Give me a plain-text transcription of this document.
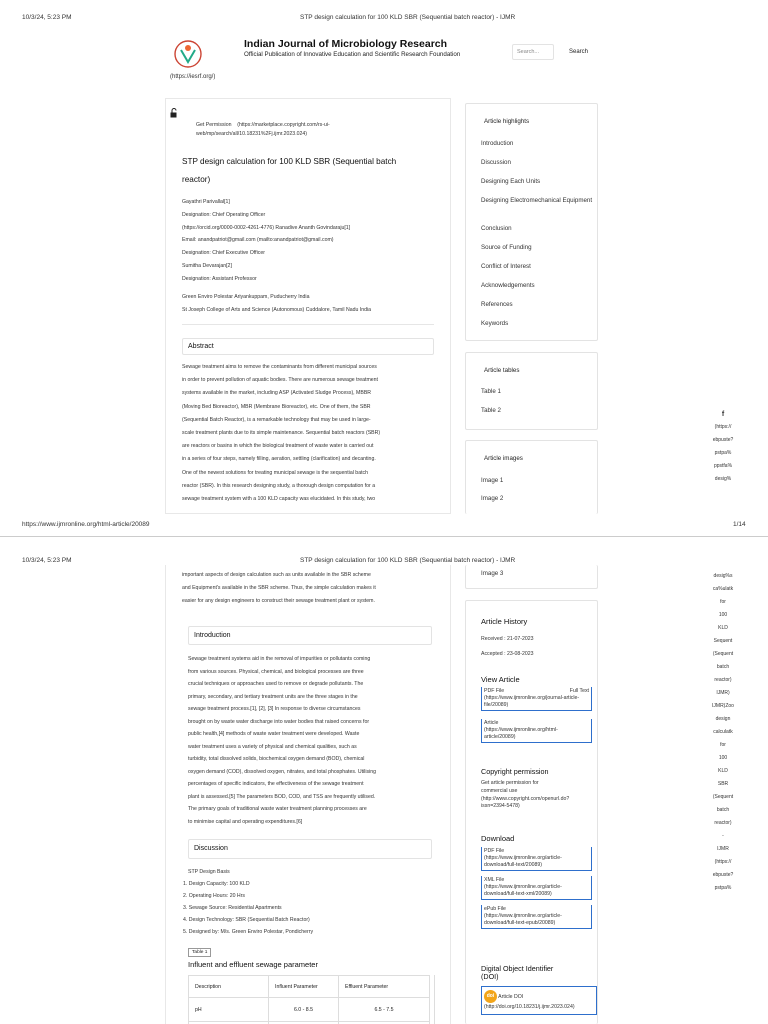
10/3/24, 5:23 PM	STP design calculation for 100 KLD SBR (Sequential batch reactor) - IJMR
(https://iesrf.org/)
Indian Journal of Microbiology Research
Official Publication of Innovative Education and Scientific Research Foundation	Search...	Search
Get Permission (https://marketplace.copyright.com/rs-ui-web/mp/search/all/10.18231%2Fj.ijmr.2023.024)
STP design calculation for 100 KLD SBR (Sequential batch
reactor)
Gayathri Parivallal[1]
Designation: Chief Operating Officer
(https://orcid.org/0000-0002-4261-4776) Ranadive Ananth Govindaraju[1]
Email: anandpatriot@gmail.com (mailto:anandpatriot@gmail.com)
Designation: Chief Executive Officer
Sumitha Devarajan[2]
Designation: Assistant Professor
Green Enviro Polestar Ariyankuppam, Puducherry India
St Joseph College of Arts and Science (Autonomous) Cuddalore, Tamil Nadu India
Abstract
Sewage treatment aims to remove the contaminants from different municipal sources
in order to prevent pollution of aquatic bodies. There are numerous sewage treatment
systems available in the market, including ASP (Activated Sludge Process), MBBR
(Moving Bed Bioreactor), MBR (Membrane Bioreactor), etc. One of them, the SBR
(Sequential Batch Reactor), is a remarkable technology that may be used in large-
scale treatment plants due to its simple maintenance. Sequential batch reactors (SBR)
are reactors or basins in which the biological treatment of waste water is carried out
in a series of four steps, namely filling, aeration, settling (clarification) and decanting.
One of the newest solutions for treating municipal sewage is the sequential batch
reactor (SBR). In this research designing study, a thorough design computation for a
sewage treatment system with a 100 KLD capacity was elucidated. In this study, two
Article highlights
Introduction
Discussion
Designing Each Units
Designing Electromechanical Equipment
Conclusion
Source of Funding
Conflict of Interest
Acknowledgements
References
Keywords
Article tables
Table 1
Table 2
Article images
Image 1
Image 2
f
(https://
ebpuste?
pstpa%
ppstfa%
desig%
https://www.ijmronline.org/html-article/20089	1/14
10/3/24, 5:23 PM	STP design calculation for 100 KLD SBR (Sequential batch reactor) - IJMR
important aspects of design calculation such as units available in the SBR scheme
and Equipment's available in the SBR scheme. Thus, the simple calculation makes it
easier for any design engineers to construct their sewage treatment plant or system.
Introduction
Sewage treatment systems aid in the removal of impurities or pollutants coming
from various sources. Physical, chemical, and biological processes are three
crucial techniques or approaches used to remove or degrade pollutants. The
primary, secondary, and tertiary treatment units are the three stages in the
sewage treatment process.[1], [2], [3] In response to diverse circumstances
brought on by waste water discharge into water bodies that raised concerns for
public health,[4] methods of waste water treatment were developed. Waste
water treatment uses a variety of physical and chemical qualities, such as
turbidity, total dissolved solids, biochemical oxygen demand (BOD), chemical
oxygen demand (COD), dissolved oxygen, nitrates, and total phosphates. Utilising
percentages of specific indicators, the effectiveness of the sewage treatment
plant is assessed.[5] The parameters BOD, COD, and TSS are frequently utilised.
The primary goals of traditional waste water treatment planning processes are
to minimise capital and operating expenditures.[6]
Discussion
STP Design Basis
1. Design Capacity: 100 KLD
2. Operating Hours: 20 Hrs
3. Sewage Source: Residential Apartments
4. Design Technology: SBR (Sequential Batch Reactor)
5. Designed by: M/s. Green Enviro Polestar, Pondicherry
Table 1
Influent and effluent sewage parameter
Description	Influent Parameter	Effluent Parameter
pH	6.0 - 8.5	6.5 - 7.5

Image 3
Article History
Received : 21-07-2023
Accepted : 23-08-2023
View Article
PDF File	Full Text

(https://www.ijmronline.org/journal-article-file/20089)
Article
(https://www.ijmronline.org/html-article/20089)
Copyright permission
Get article permission for
commercial use
(http://www.copyright.com/openurl.do?
issn=2394-5478)
Download
PDF File
(https://www.ijmronline.org/article-download/full-text/20089)
XML File
(https://www.ijmronline.org/article-download/full-text-xml/20089)
ePub File
(https://www.ijmronline.org/article-download/full-text-epub/20089)
Digital Object Identifier
(DOI)
doi Article DOI
(http://doi.org/10.18231/j.ijmr.2023.024)
desig%s
ca%ulatk
for
100
KLD
Sequent
(Sequent
batch
reactor)
IJMR)
IJMR)Zoo
design
calculatk
for
100
KLD
SBR
(Sequent
batch
reactor)
-
IJMR
(https://
ebpuste?
pstpa%
